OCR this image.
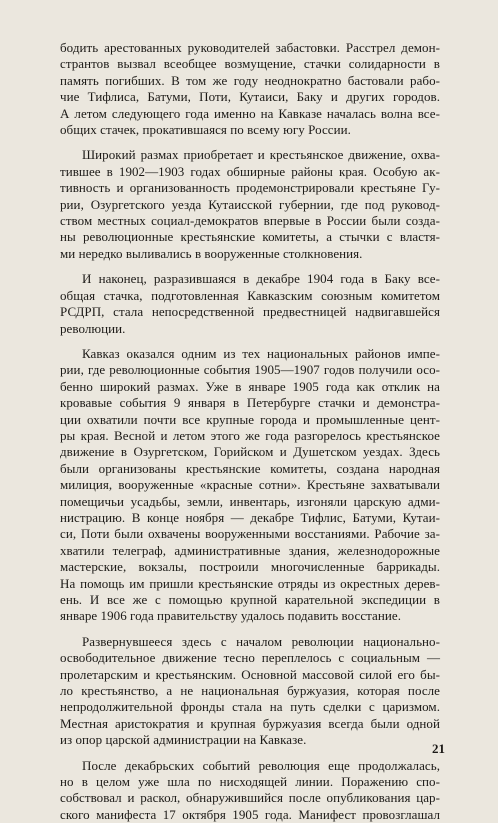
бодить арестованных руководителей забастовки. Расстрел демон-
странтов вызвал всеобщее возмущение, стачки солидарности в
память погибших. В том же году неоднократно бастовали рабо-
чие Тифлиса, Батуми, Поти, Кутаиси, Баку и других городов.
А летом следующего года именно на Кавказе началась волна все-
общих стачек, прокатившаяся по всему югу России.
Широкий размах приобретает и крестьянское движение, охва-
тившее в 1902—1903 годах обширные районы края. Особую ак-
тивность и организованность продемонстрировали крестьяне Гу-
рии, Озургетского уезда Кутаисской губернии, где под руковод-
ством местных социал-демократов впервые в России были созда-
ны революционные крестьянские комитеты, а стычки с властя-
ми нередко выливались в вооруженные столкновения.
И наконец, разразившаяся в декабре 1904 года в Баку все-
общая стачка, подготовленная Кавказским союзным комитетом
РСДРП, стала непосредственной предвестницей надвигавшейся
революции.
Кавказ оказался одним из тех национальных районов импе-
рии, где революционные события 1905—1907 годов получили осо-
бенно широкий размах. Уже в январе 1905 года как отклик на
кровавые события 9 января в Петербурге стачки и демонстра-
ции охватили почти все крупные города и промышленные цент-
ры края. Весной и летом этого же года разгорелось крестьянское
движение в Озургетском, Горийском и Душетском уездах. Здесь
были организованы крестьянские комитеты, создана народная
милиция, вооруженные «красные сотни». Крестьяне захватывали
помещичьи усадьбы, земли, инвентарь, изгоняли царскую адми-
нистрацию. В конце ноября — декабре Тифлис, Батуми, Кутаи-
си, Поти были охвачены вооруженными восстаниями. Рабочие за-
хватили телеграф, административные здания, железнодорожные
мастерские, вокзалы, построили многочисленные баррикады.
На помощь им пришли крестьянские отряды из окрестных дерев-
ень. И все же с помощью крупной карательной экспедиции в
январе 1906 года правительству удалось подавить восстание.
Развернувшееся здесь с началом революции национально-
освободительное движение тесно переплелось с социальным —
пролетарским и крестьянским. Основной массовой силой его бы-
ло крестьянство, а не национальная буржуазия, которая после
непродолжительной фронды стала на путь сделки с царизмом.
Местная аристократия и крупная буржуазия всегда были одной
из опор царской администрации на Кавказе.
После декабрьских событий революция еще продолжалась,
но в целом уже шла по нисходящей линии. Поражению спо-
собствовал и раскол, обнаружившийся после опубликования цар-
ского манифеста 17 октября 1905 года. Манифест провозглашал
21
